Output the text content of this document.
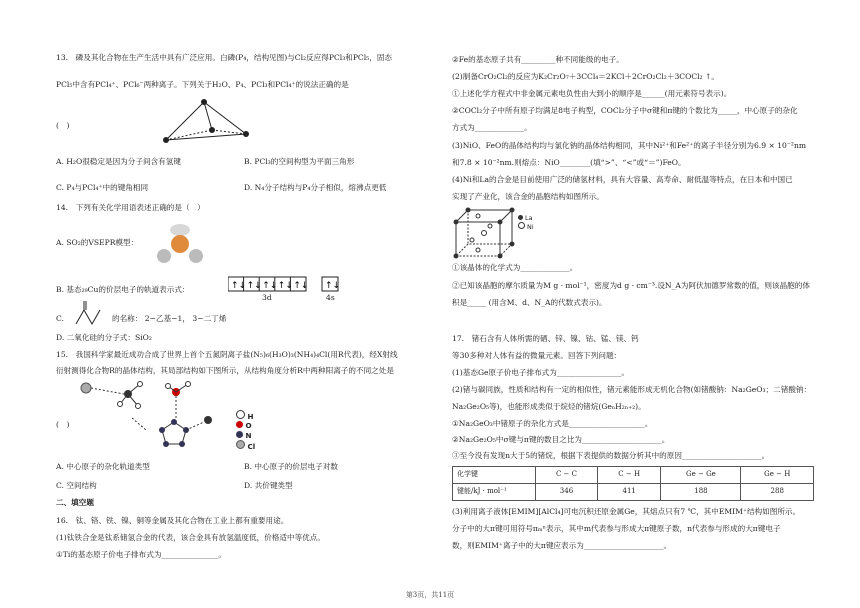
13.　磷及其化合物在生产生活中具有广泛应用。白磷(P₄，结构见图)与Cl₂反应得PCl₃和PCl₅，固态
PCl₅中含有PCl₄⁺、PCl₆⁻两种离子。下列关于H₂O、P₄、PCl₃和PCl₄⁺的说法正确的是
(　)
A. H₂O很稳定是因为分子间含有氢键	B. PCl₃的空间构型为平面三角形
C. P₄与PCl₄⁺中的键角相同	D. N₄分子结构与P₄分子相似，熔沸点更低
14.　下列有关化学用语表述正确的是（　）
A. SO₂的VSEPR模型：
B. 基态₂₉Cu的价层电子的轨道表示式：	↑↓ ↑↓ ↑↓ ↑↓ ↑↓ ↑↓
3d	4s
C.	的名称： 2−乙基−1， 3−二丁烯
D. 二氧化硅的分子式：SiO₂
15.　我国科学家最近成功合成了世界上首个五氮阴离子盐(N₅)₆(H₃O)₃(NH₄)₄Cl(用R代表)，经X射线
衍射测得化合物R的晶体结构，其局部结构如下图所示，从结构角度分析R中两种阳离子的不同之处是
(　)
H
O
N
Cl
A. 中心原子的杂化轨道类型	B. 中心原子的价层电子对数
C. 空间结构	D. 共价键类型
二、填空题
16.　钛、铬、铁、镍、铜等金属及其化合物在工业上都有重要用途。
(1)钛铁合金是钛系储氢合金的代表，该合金具有放氢温度低，价格适中等优点。
①Ti的基态原子价电子排布式为_______________。
②Fe的基态原子共有_________种不同能级的电子。
(2)制备CrO₂Cl₂的反应为K₂Cr₂O₇＋3CCl₄＝2KCl＋2CrO₂Cl₂＋3COCl₂ ↑。
①上述化学方程式中非金属元素电负性由大到小的顺序是______(用元素符号表示)。
②COCl₂分子中所有原子均满足8电子构型，COCl₂分子中σ键和π键的个数比为_____，中心原子的杂化
方式为_____________。
(3)NiO、FeO的晶体结构均与氯化钠的晶体结构相同，其中Ni²⁺和Fe²⁺的离子半径分别为6.9 × 10⁻²nm
和7.8 × 10⁻²nm.则熔点：NiO________(填“>”、“<”或“＝”)FeO。
(4)Ni和La的合金是目前使用广泛的储氢材料，具有大容量、高寿命、耐低温等特点，在日本和中国已
实现了产业化，该合金的晶胞结构如图所示。
La
Ni
①该晶体的化学式为_____________。
②已知该晶胞的摩尔质量为M g · mol⁻¹，密度为d g · cm⁻³.设N_A为阿伏加德罗常数的值，则该晶胞的体
积是_____ (用含M、d、N_A的代数式表示)。
17.　锗石含有人体所需的硒、锌、镍、钴、锰、镁、钙
等30多种对人体有益的微量元素。回答下列问题：
(1)基态Ge原子价电子排布式为_________________。
(2)锗与碳同族，性质和结构有一定的相似性，锗元素能形成无机化合物(如锗酸钠：Na₂GeO₃；二锗酸钠：
Na₂Ge₂O₅等)，也能形成类似于烷烃的锗烷(GeₙH₂ₙ₊₂)。
①Na₂GeO₃中锗原子的杂化方式是____________________。
②Na₂Ge₂O₅中σ键与π键的数目之比为_____________________。
③至今没有发现n大于5的锗烷，根据下表提供的数据分析其中的原因_____________________。
化学键	C − C	C − H	Ge − Ge	Ge − H
键能/kJ · mol⁻¹	346	411	188	288
(3)利用离子液体[EMIM][AlCl₄]可电沉积还原金属Ge，其熔点只有7 ℃，其中EMIM⁺结构如图所示。
分子中的大π键可用符号πₘⁿ表示，其中m代表参与形成大π键原子数，n代表参与形成的大π键电子
数，则EMIM⁺离子中的大π键应表示为_____________________。
第3页，共11页
